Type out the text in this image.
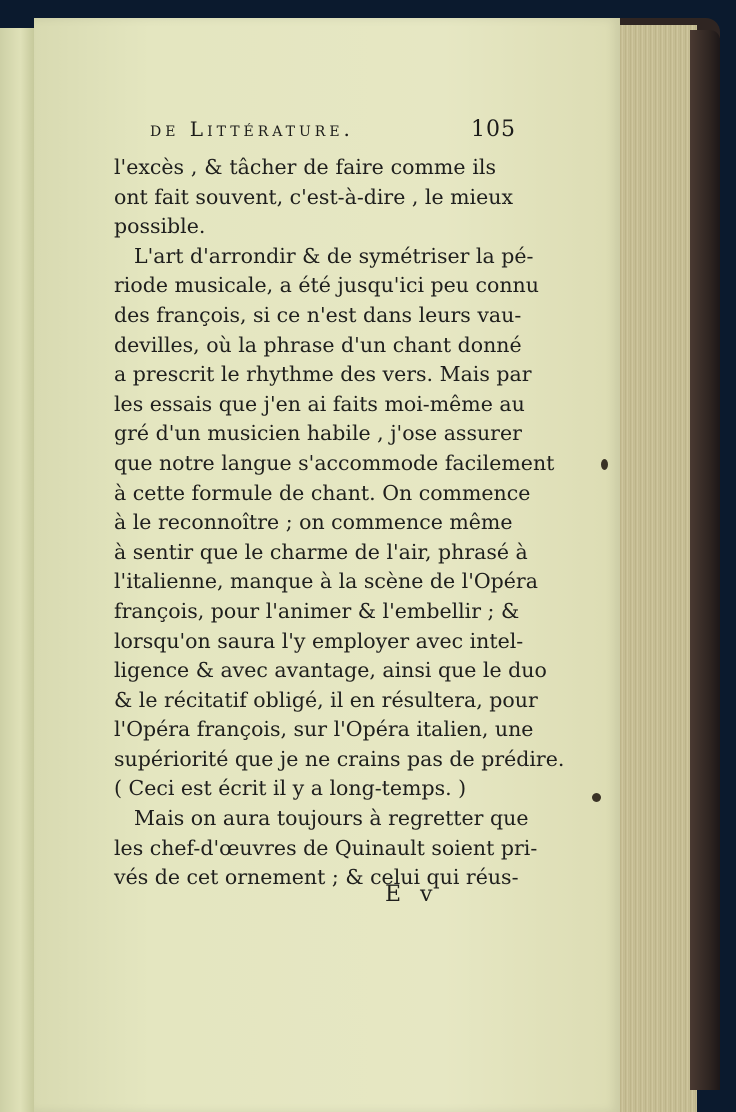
de Littérature.	105
l'excès , & tâcher de faire comme ils
ont fait souvent, c'est-à-dire , le mieux
possible.
L'art d'arrondir & de symétriser la pé-
riode musicale, a été jusqu'ici peu connu
des françois, si ce n'est dans leurs vau-
devilles, où la phrase d'un chant donné
a prescrit le rhythme des vers. Mais par
les essais que j'en ai faits moi-même au
gré d'un musicien habile , j'ose assurer
que notre langue s'accommode facilement
à cette formule de chant. On commence
à le reconnoître ; on commence même
à sentir que le charme de l'air, phrasé à
l'italienne, manque à la scène de l'Opéra
françois, pour l'animer & l'embellir ; &
lorsqu'on saura l'y employer avec intel-
ligence & avec avantage, ainsi que le duo
& le récitatif obligé, il en résultera, pour
l'Opéra françois, sur l'Opéra italien, une
supériorité que je ne crains pas de prédire.
( Ceci est écrit il y a long-temps. )
Mais on aura toujours à regretter que
les chef-d'œuvres de Quinault soient pri-
vés de cet ornement ; & celui qui réus-
E v
